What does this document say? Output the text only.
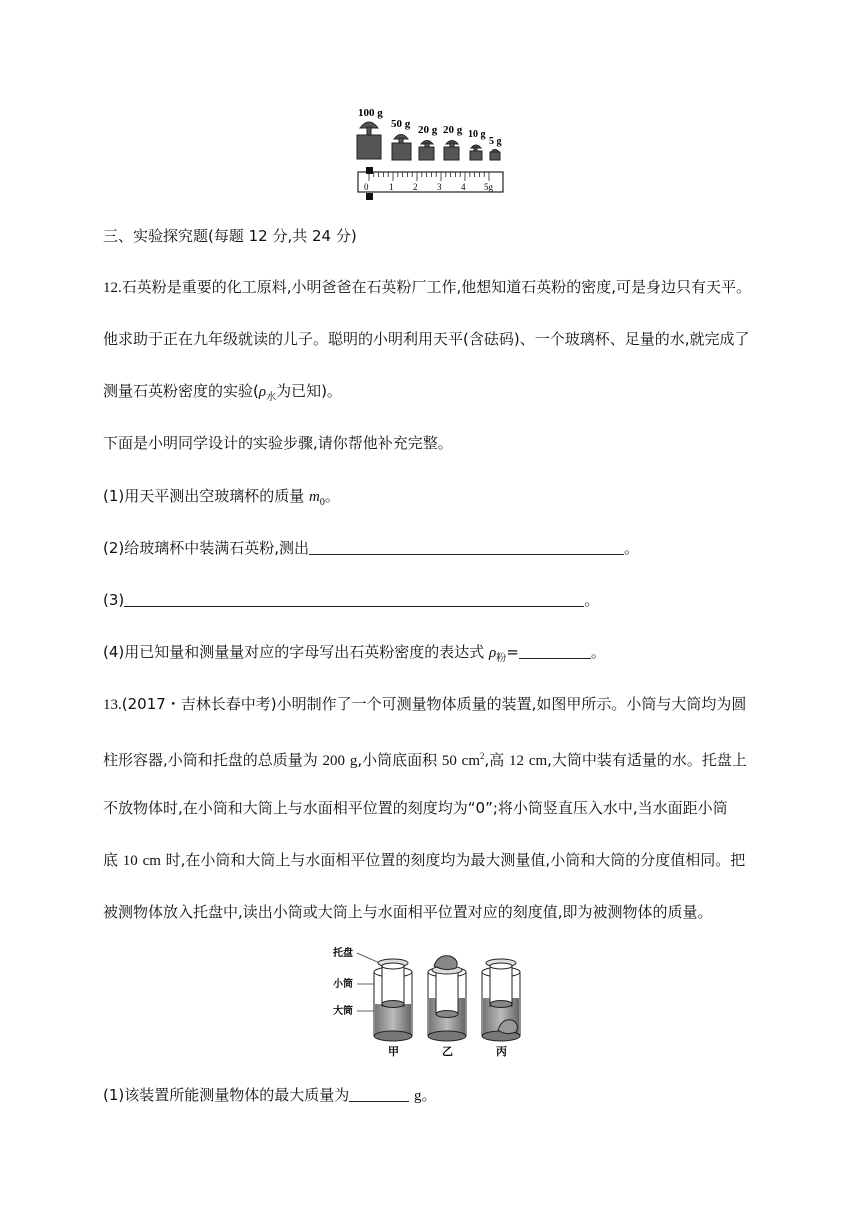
100 g
50 g 20 g 20 g 10 g
5 g
0 1 2 3 4 5g
三、实验探究题(每题 12 分,共 24 分)
12.石英粉是重要的化工原料,小明爸爸在石英粉厂工作,他想知道石英粉的密度,可是身边只有天平。
他求助于正在九年级就读的儿子。聪明的小明利用天平(含砝码)、一个玻璃杯、足量的水,就完成了
测量石英粉密度的实验($\rho_水$为已知)。
下面是小明同学设计的实验步骤,请你帮他补充完整。
(1)用天平测出空玻璃杯的质量 $m_0$。
(2)给玻璃杯中装满石英粉,测出	。
(3)	。
(4)用已知量和测量量对应的字母写出石英粉密度的表达式 $\rho_粉=$	。
13.(2017・吉林长春中考)小明制作了一个可测量物体质量的装置,如图甲所示。小筒与大筒均为圆
柱形容器,小筒和托盘的总质量为 200 g,小筒底面积 50 $cm^2$,高 12 cm,大筒中装有适量的水。托盘上
不放物体时,在小筒和大筒上与水面相平位置的刻度均为“0”;将小筒竖直压入水中,当水面距小筒
底 10 cm 时,在小筒和大筒上与水面相平位置的刻度均为最大测量值,小筒和大筒的分度值相同。把
被测物体放入托盘中,读出小筒或大筒上与水面相平位置对应的刻度值,即为被测物体的质量。
托盘
小筒
大筒
甲	乙	丙
(1)该装置所能测量物体的最大质量为	g。
